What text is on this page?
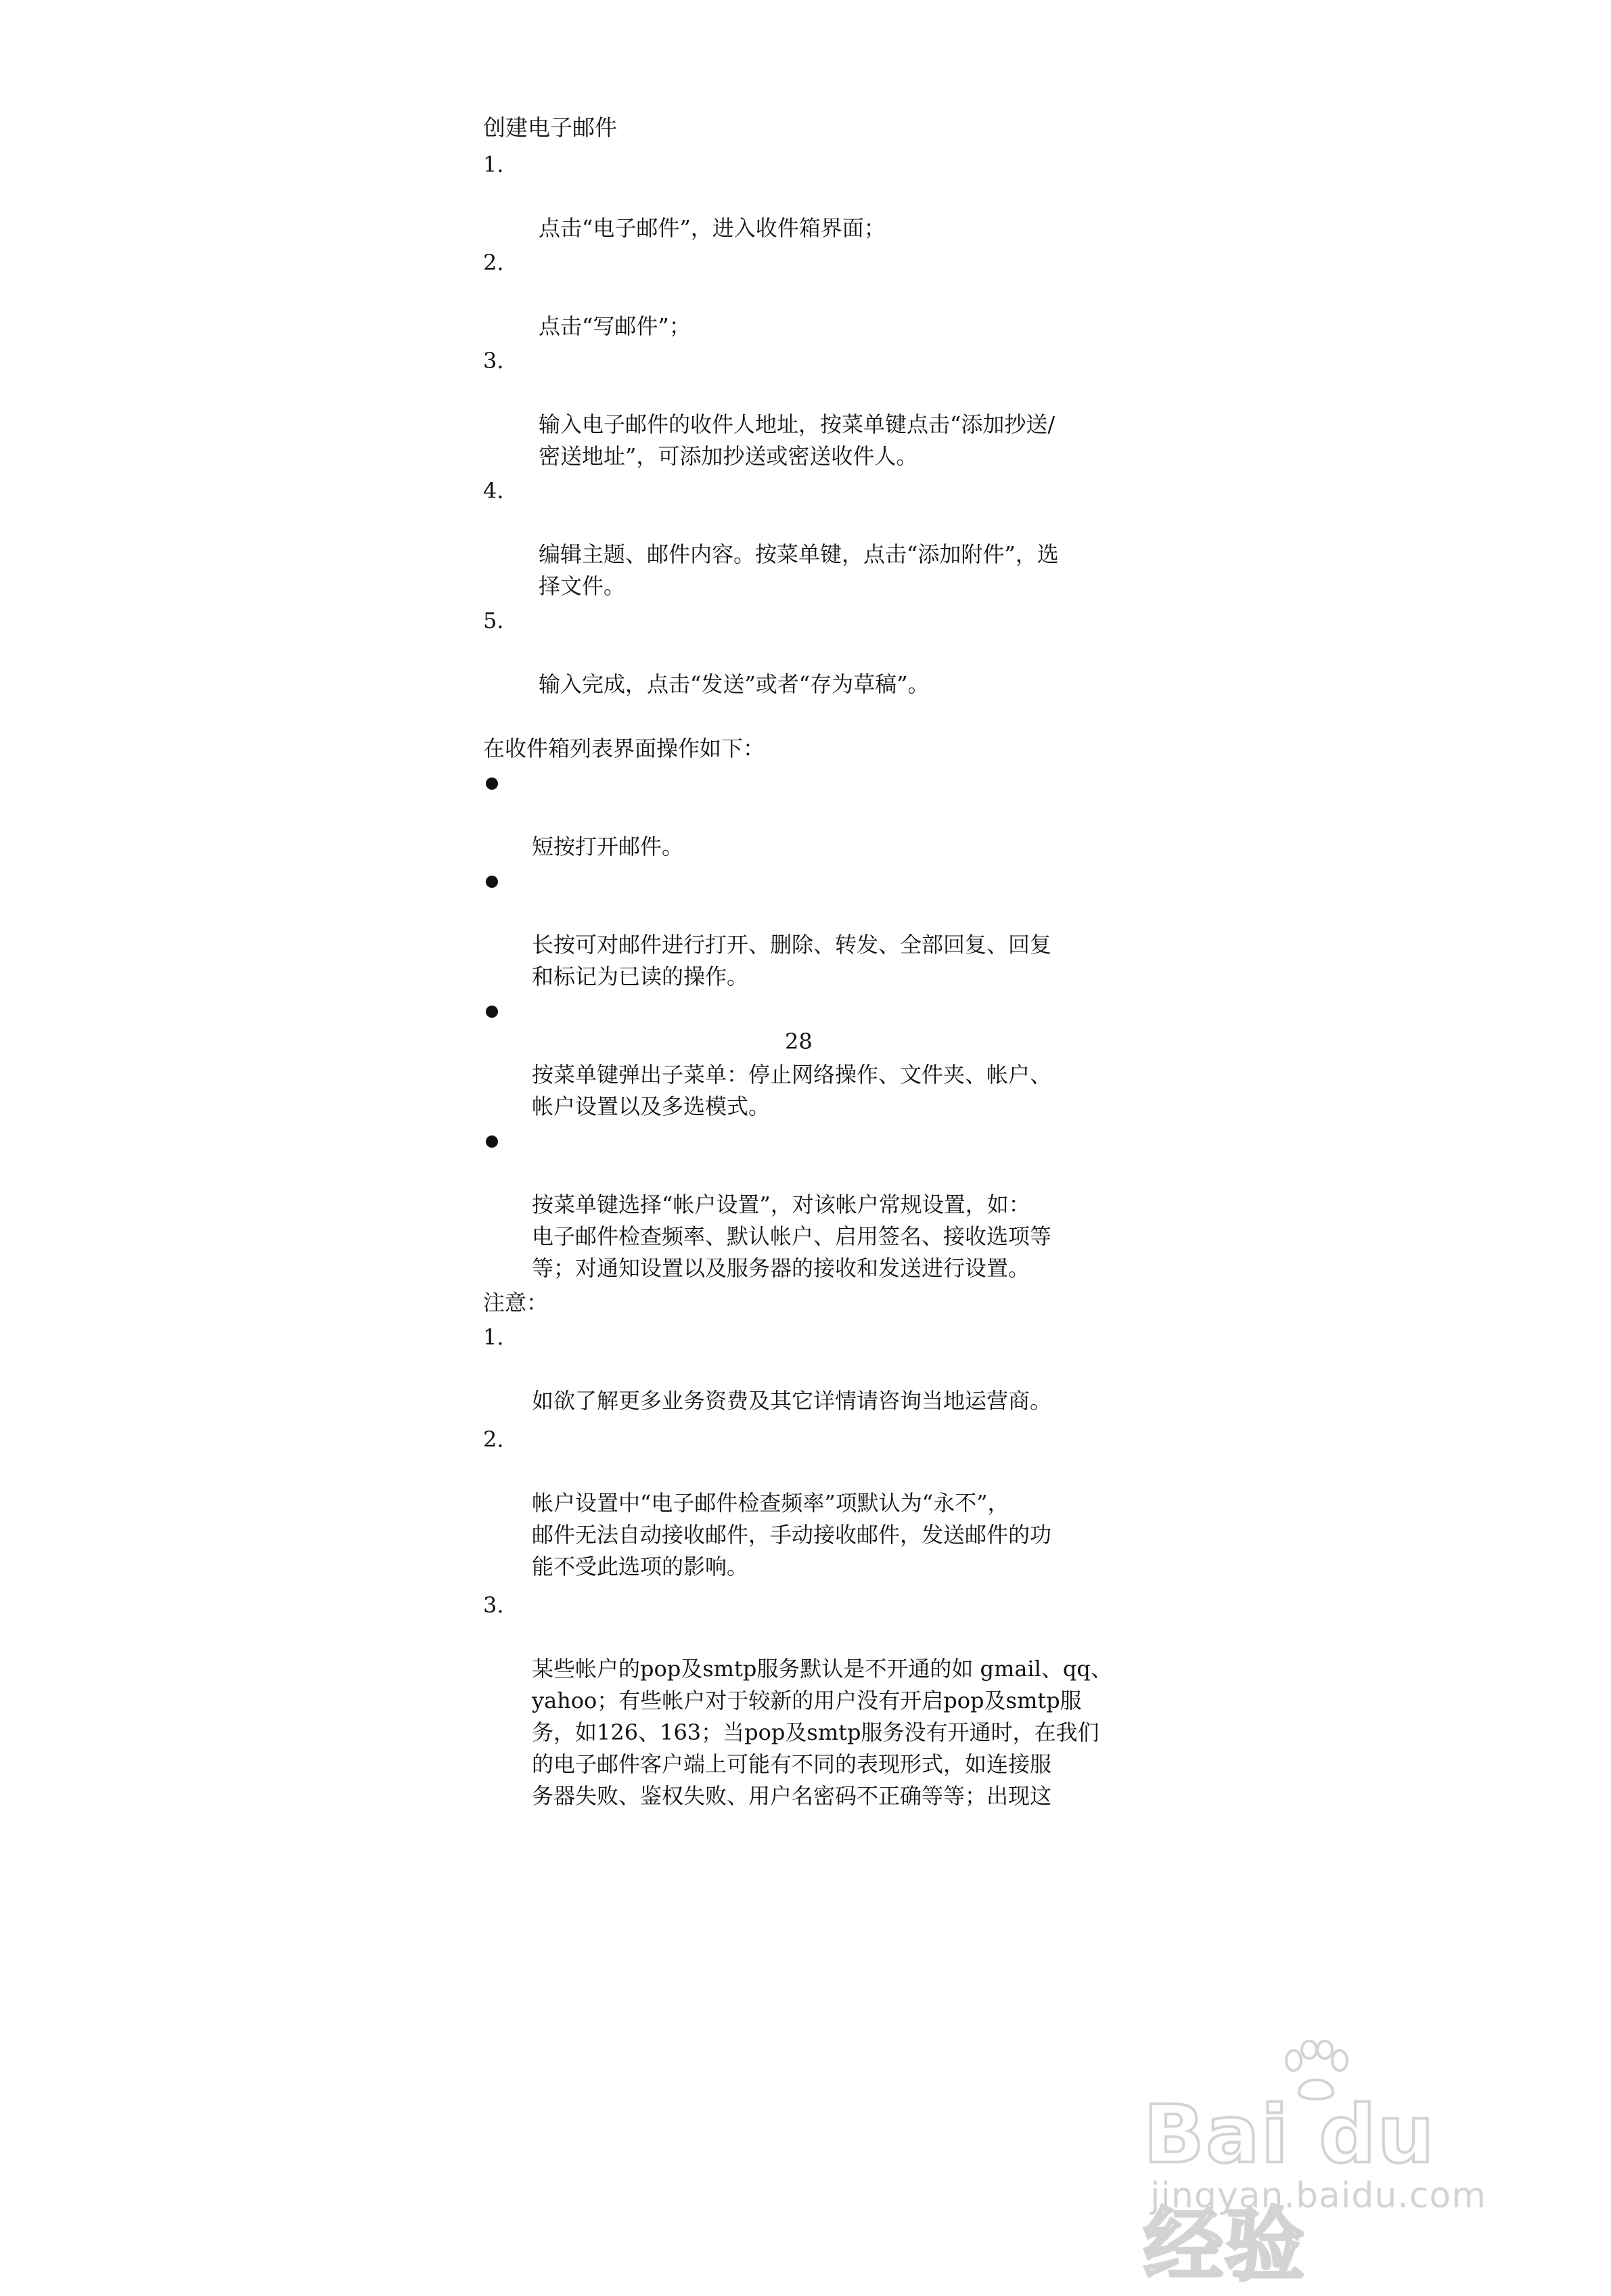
创建电子邮件

1.

点击“电子邮件”，进入收件箱界面；

2.

点击“写邮件”；

3.

输入电子邮件的收件人地址，按菜单键点击“添加抄送/
密送地址”，可添加抄送或密送收件人。

4.

编辑主题、邮件内容。按菜单键，点击“添加附件”，选
择文件。

5.

输入完成，点击“发送”或者“存为草稿”。

在收件箱列表界面操作如下：

短按打开邮件。

长按可对邮件进行打开、删除、转发、全部回复、回复
和标记为已读的操作。

按菜单键弹出子菜单：停止网络操作、文件夹、帐户、
帐户设置以及多选模式。

按菜单键选择“帐户设置”，对该帐户常规设置，如：
电子邮件检查频率、默认帐户、启用签名、接收选项等
等；对通知设置以及服务器的接收和发送进行设置。

注意：

1.

如欲了解更多业务资费及其它详情请咨询当地运营商。

2.

帐户设置中“电子邮件检查频率”项默认为“永不”，
邮件无法自动接收邮件，手动接收邮件，发送邮件的功
能不受此选项的影响。

3.

某些帐户的pop及smtp服务默认是不开通的如 gmail、qq、
yahoo；有些帐户对于较新的用户没有开启pop及smtp服
务，如126、163；当pop及smtp服务没有开通时，在我们
的电子邮件客户端上可能有不同的表现形式，如连接服
务器失败、鉴权失败、用户名密码不正确等等；出现这

28
Bai du 经验
jingyan.baidu.com
